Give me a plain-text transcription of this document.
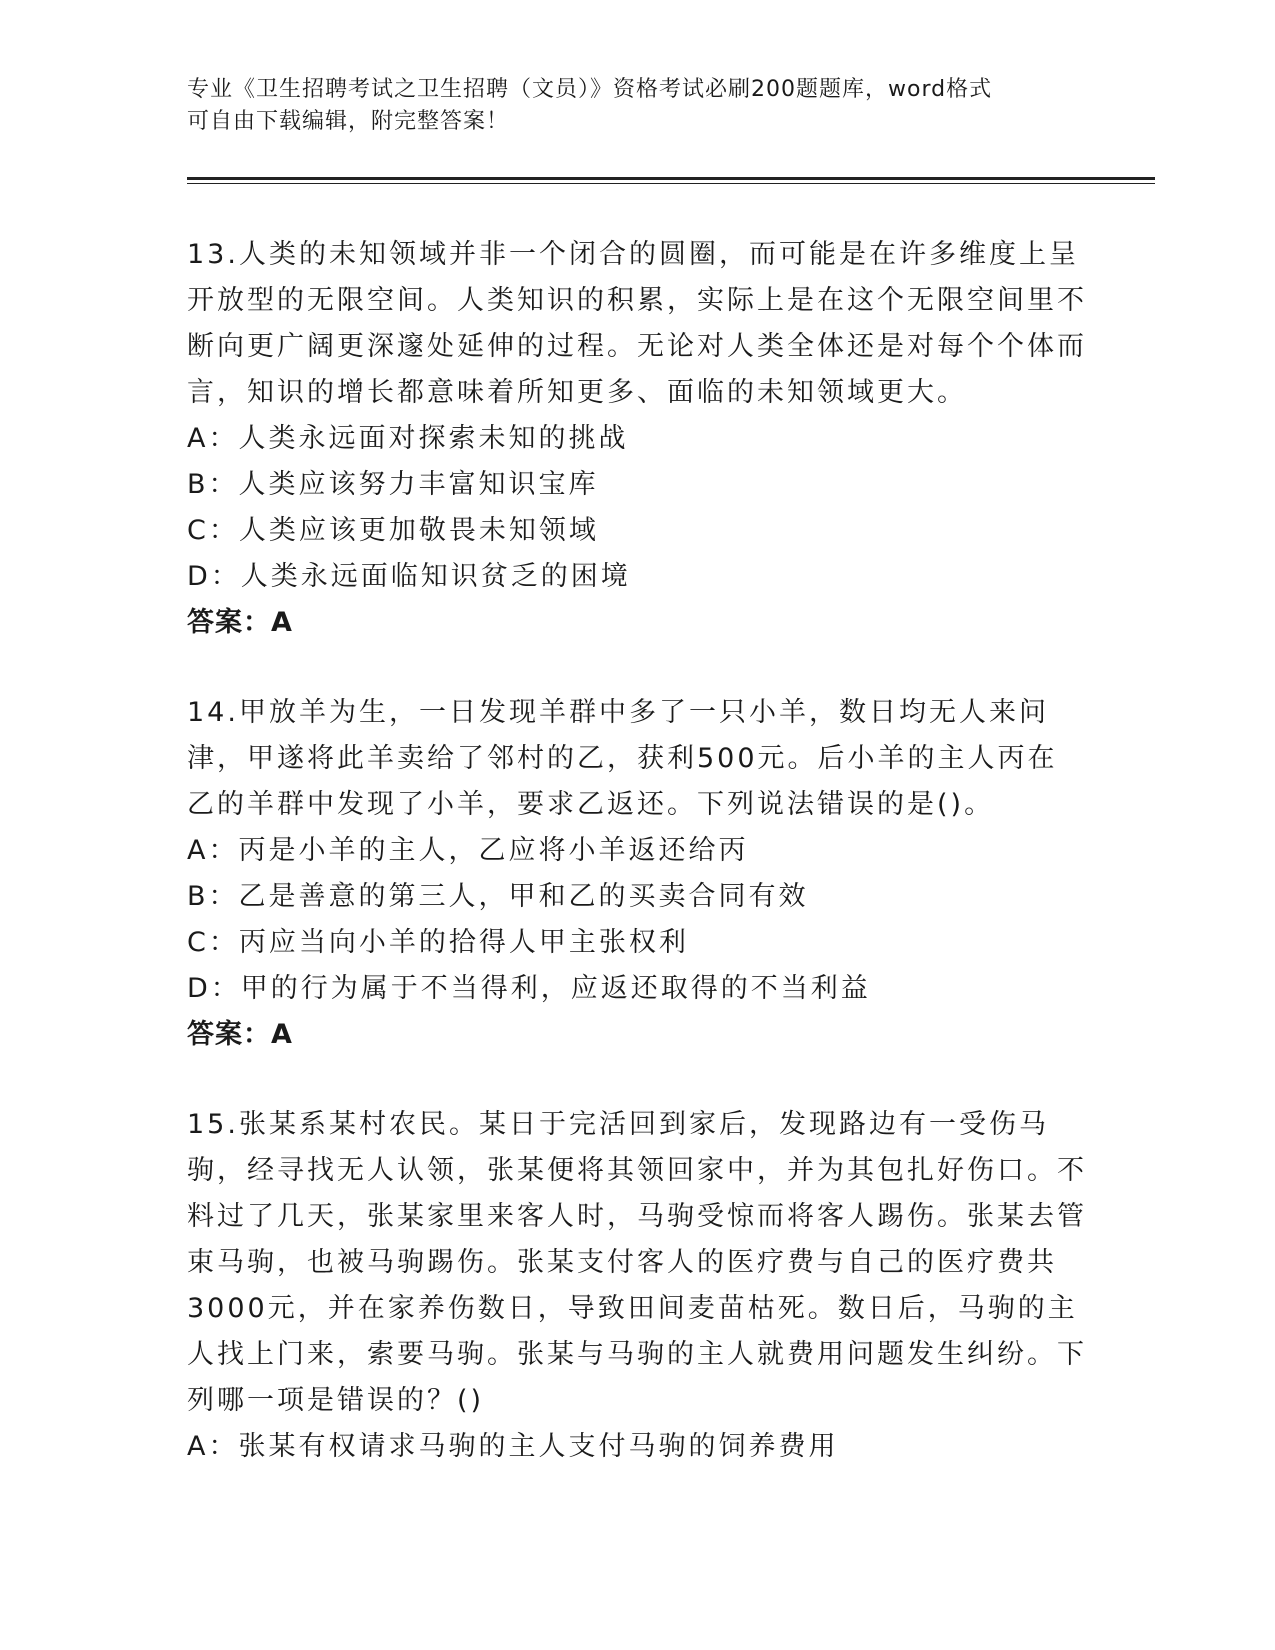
专业《卫生招聘考试之卫生招聘（文员）》资格考试必刷200题题库，word格式
可自由下载编辑，附完整答案！

13.人类的未知领域并非一个闭合的圆圈，而可能是在许多维度上呈开放型的无限空间。人类知识的积累，实际上是在这个无限空间里不断向更广阔更深邃处延伸的过程。无论对人类全体还是对每个个体而言，知识的增长都意味着所知更多、面临的未知领域更大。

A：人类永远面对探索未知的挑战

B：人类应该努力丰富知识宝库

C：人类应该更加敬畏未知领域

D：人类永远面临知识贫乏的困境

答案：A

14.甲放羊为生，一日发现羊群中多了一只小羊，数日均无人来问津，甲遂将此羊卖给了邻村的乙，获利500元。后小羊的主人丙在乙的羊群中发现了小羊，要求乙返还。下列说法错误的是()。

A：丙是小羊的主人，乙应将小羊返还给丙

B：乙是善意的第三人，甲和乙的买卖合同有效

C：丙应当向小羊的拾得人甲主张权利

D：甲的行为属于不当得利，应返还取得的不当利益

答案：A

15.张某系某村农民。某日于完活回到家后，发现路边有一受伤马驹，经寻找无人认领，张某便将其领回家中，并为其包扎好伤口。不料过了几天，张某家里来客人时，马驹受惊而将客人踢伤。张某去管束马驹，也被马驹踢伤。张某支付客人的医疗费与自己的医疗费共3000元，并在家养伤数日，导致田间麦苗枯死。数日后，马驹的主人找上门来，索要马驹。张某与马驹的主人就费用问题发生纠纷。下列哪一项是错误的？()

A：张某有权请求马驹的主人支付马驹的饲养费用
